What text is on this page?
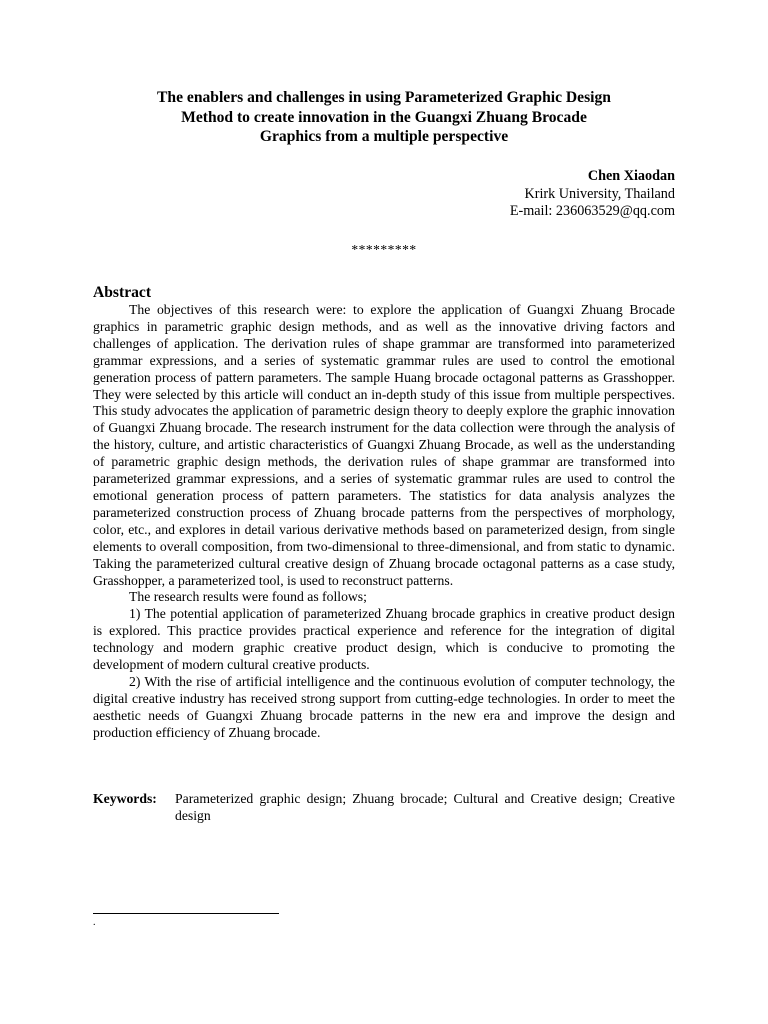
The enablers and challenges in using Parameterized Graphic Design
Method to create innovation in the Guangxi Zhuang Brocade
Graphics from a multiple perspective
Chen Xiaodan
Krirk University, Thailand
E-mail: 236063529@qq.com
*********
Abstract

The objectives of this research were: to explore the application of Guangxi Zhuang Brocade graphics in parametric graphic design methods, and as well as the innovative driving factors and challenges of application. The derivation rules of shape grammar are transformed into parameterized grammar expressions, and a series of systematic grammar rules are used to control the emotional generation process of pattern parameters. The sample Huang brocade octagonal patterns as Grasshopper. They were selected by this article will conduct an in-depth study of this issue from multiple perspectives. This study advocates the application of parametric design theory to deeply explore the graphic innovation of Guangxi Zhuang brocade. The research instrument for the data collection were through the analysis of the history, culture, and artistic characteristics of Guangxi Zhuang Brocade, as well as the understanding of parametric graphic design methods, the derivation rules of shape grammar are transformed into parameterized grammar expressions, and a series of systematic grammar rules are used to control the emotional generation process of pattern parameters. The statistics for data analysis analyzes the parameterized construction process of Zhuang brocade patterns from the perspectives of morphology, color, etc., and explores in detail various derivative methods based on parameterized design, from single elements to overall composition, from two-dimensional to three-dimensional, and from static to dynamic. Taking the parameterized cultural creative design of Zhuang brocade octagonal patterns as a case study, Grasshopper, a parameterized tool, is used to reconstruct patterns.

The research results were found as follows;

1) The potential application of parameterized Zhuang brocade graphics in creative product design is explored. This practice provides practical experience and reference for the integration of digital technology and modern graphic creative product design, which is conducive to promoting the development of modern cultural creative products.

2) With the rise of artificial intelligence and the continuous evolution of computer technology, the digital creative industry has received strong support from cutting-edge technologies. In order to meet the aesthetic needs of Guangxi Zhuang brocade patterns in the new era and improve the design and production efficiency of Zhuang brocade.

Keywords:	Parameterized graphic design; Zhuang brocade; Cultural and Creative design; Creative design
.
